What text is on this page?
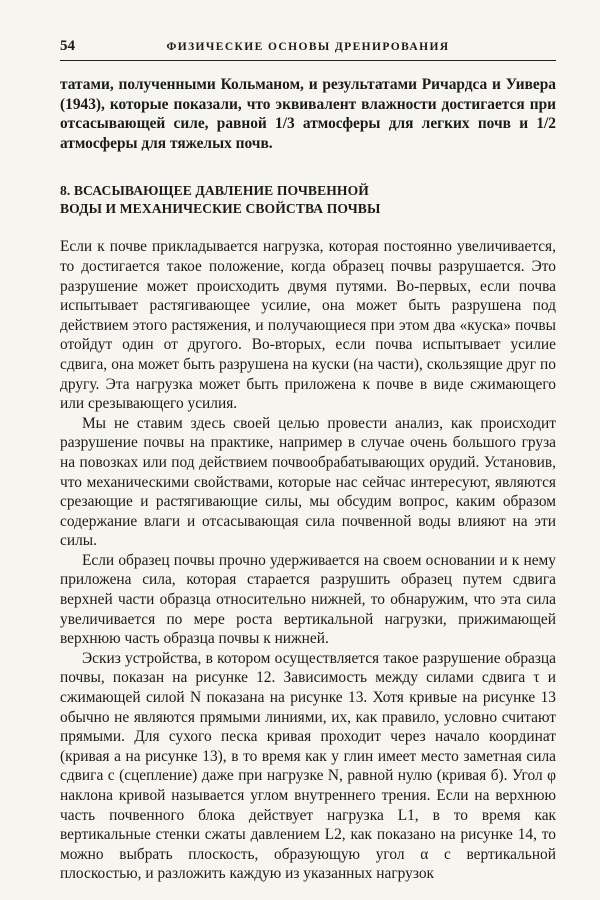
54	ФИЗИЧЕСКИЕ ОСНОВЫ ДРЕНИРОВАНИЯ

татами, полученными Кольманом, и результатами Ричардса и Уивера (1943), которые показали, что эквивалент влажности достигается при отсасывающей силе, равной 1/3 атмосферы для легких почв и 1/2 атмосферы для тяжелых почв.

8. ВСАСЫВАЮЩЕЕ ДАВЛЕНИЕ ПОЧВЕННОЙ
ВОДЫ И МЕХАНИЧЕСКИЕ СВОЙСТВА ПОЧВЫ

Если к почве прикладывается нагрузка, которая постоянно увеличивается, то достигается такое положение, когда образец почвы разрушается. Это разрушение может происходить двумя путями. Во-первых, если почва испытывает растягивающее усилие, она может быть разрушена под действием этого растяжения, и получающиеся при этом два «куска» почвы отойдут один от другого. Во-вторых, если почва испытывает усилие сдвига, она может быть разрушена на куски (на части), скользящие друг по другу. Эта нагрузка может быть приложена к почве в виде сжимающего или срезывающего усилия.

Мы не ставим здесь своей целью провести анализ, как происходит разрушение почвы на практике, например в случае очень большого груза на повозках или под действием почвообрабатывающих орудий. Установив, что механическими свойствами, которые нас сейчас интересуют, являются срезающие и растягивающие силы, мы обсудим вопрос, каким образом содержание влаги и отсасывающая сила почвенной воды влияют на эти силы.

Если образец почвы прочно удерживается на своем основании и к нему приложена сила, которая старается разрушить образец путем сдвига верхней части образца относительно нижней, то обнаружим, что эта сила увеличивается по мере роста вертикальной нагрузки, прижимающей верхнюю часть образца почвы к нижней.

Эскиз устройства, в котором осуществляется такое разрушение образца почвы, показан на рисунке 12. Зависимость между силами сдвига τ и сжимающей силой N показана на рисунке 13. Хотя кривые на рисунке 13 обычно не являются прямыми линиями, их, как правило, условно считают прямыми. Для сухого песка кривая проходит через начало координат (кривая a на рисунке 13), в то время как у глин имеет место заметная сила сдвига c (сцепление) даже при нагрузке N, равной нулю (кривая б). Угол φ наклона кривой называется углом внутреннего трения. Если на верхнюю часть почвенного блока действует нагрузка L1, в то время как вертикальные стенки сжаты давлением L2, как показано на рисунке 14, то можно выбрать плоскость, образующую угол α с вертикальной плоскостью, и разложить каждую из указанных нагрузок
